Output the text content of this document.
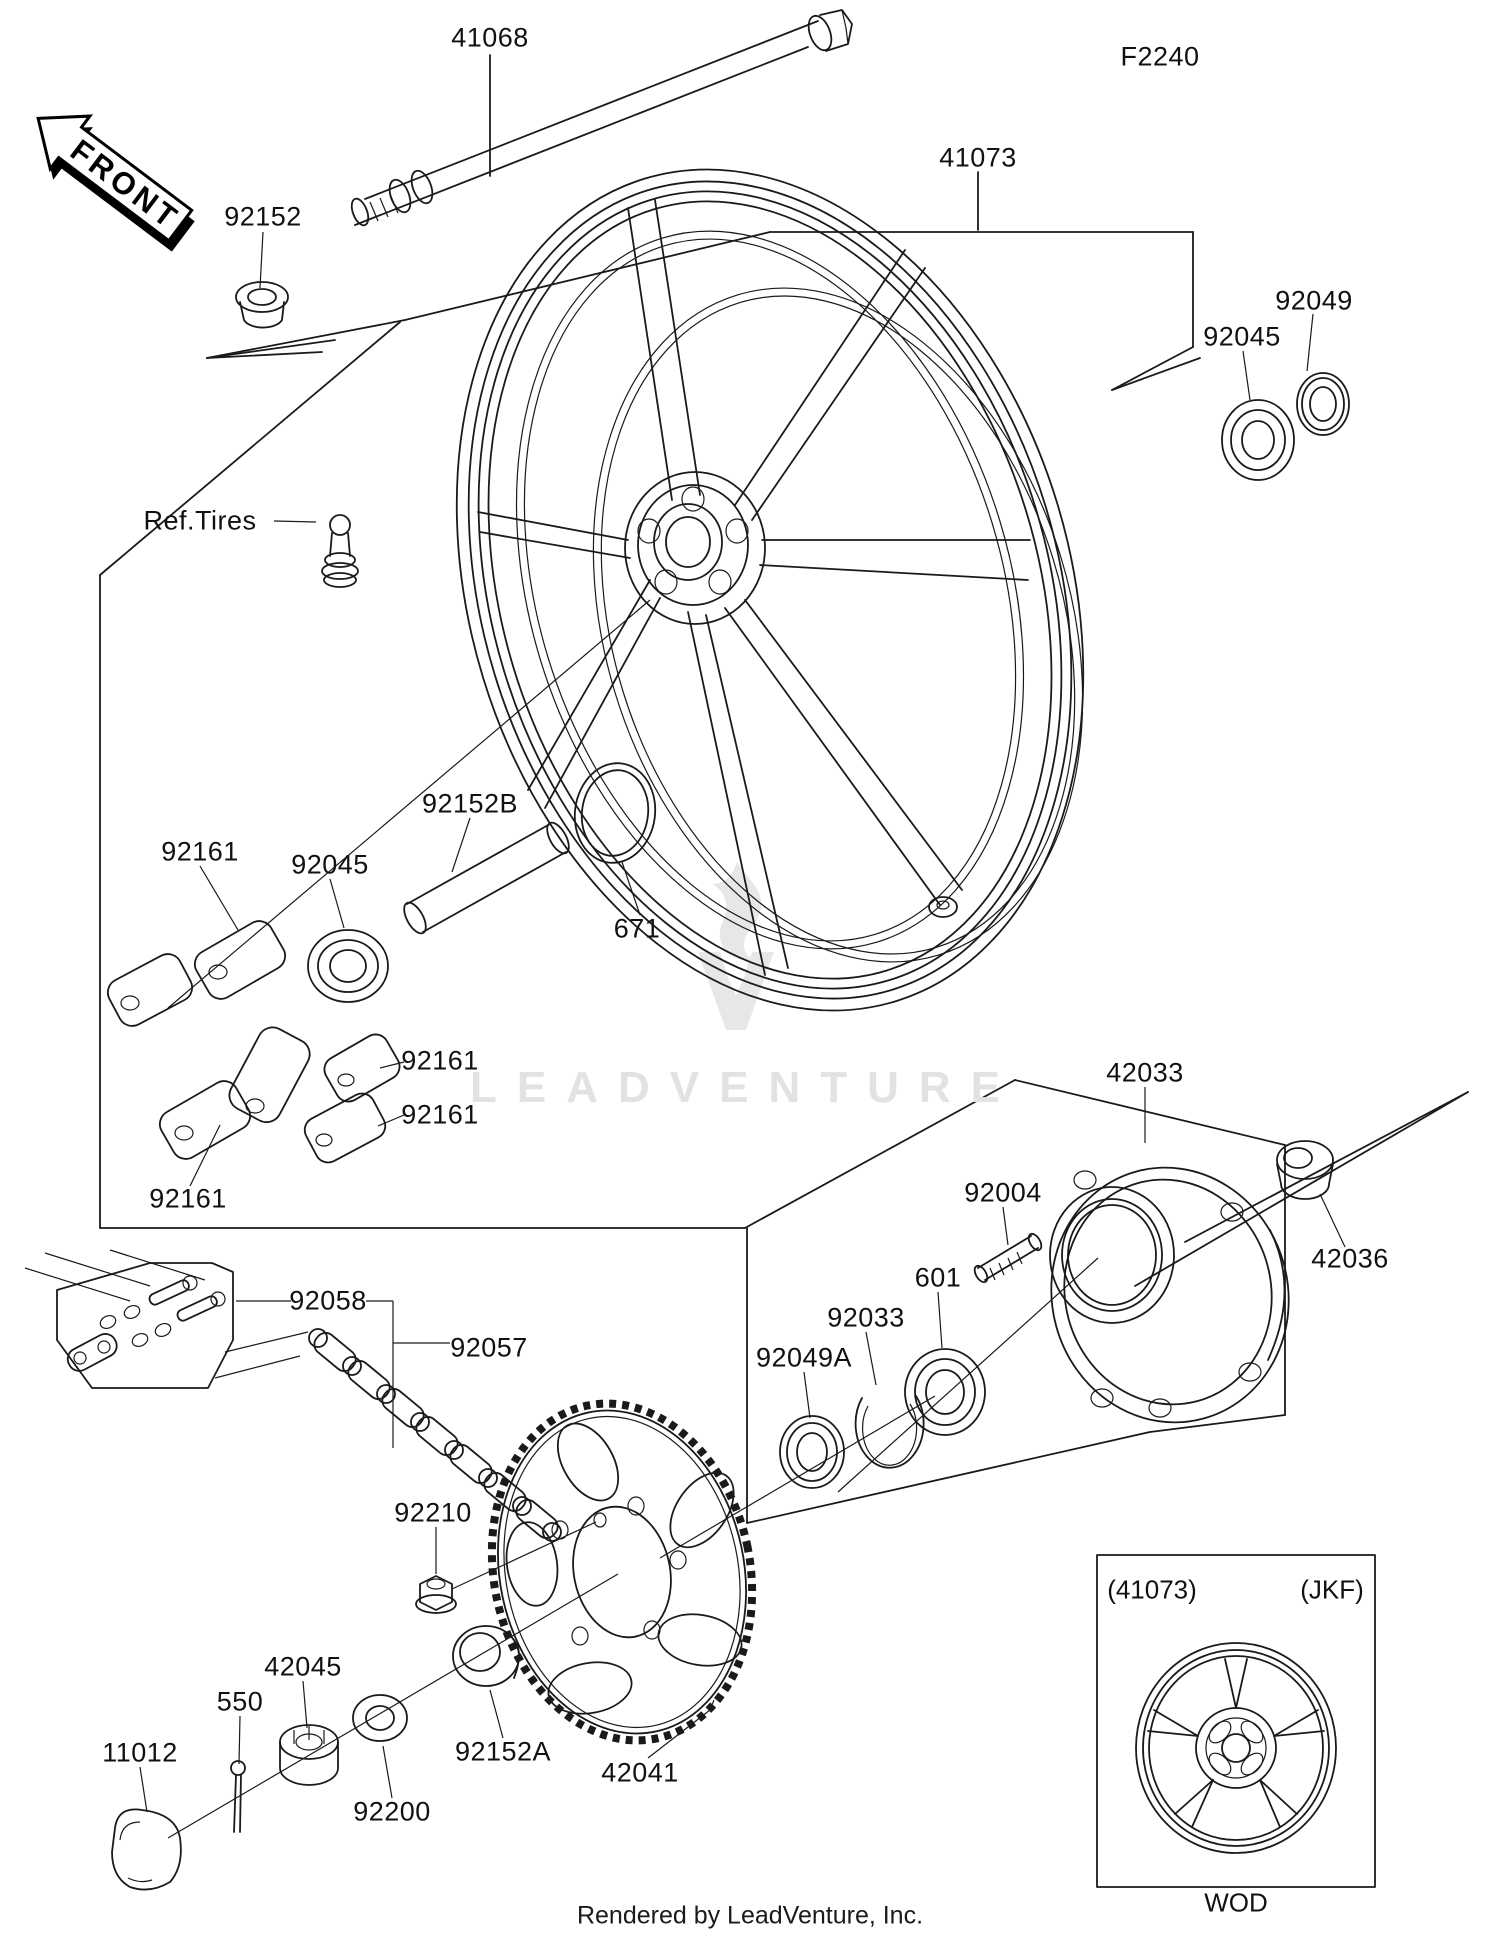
FRONT
41068
F2240
92152
41073
92049
92045
Ref.Tires
92152B
671
92161 92045
92161
92161
92161
92058
92057
42033
92004
601
92033
92049A
42036
92210
42045
550
11012
92200
92152A
42041
(41073)	(JKF)
WOD
LEADVENTURE
Rendered by LeadVenture, Inc.
